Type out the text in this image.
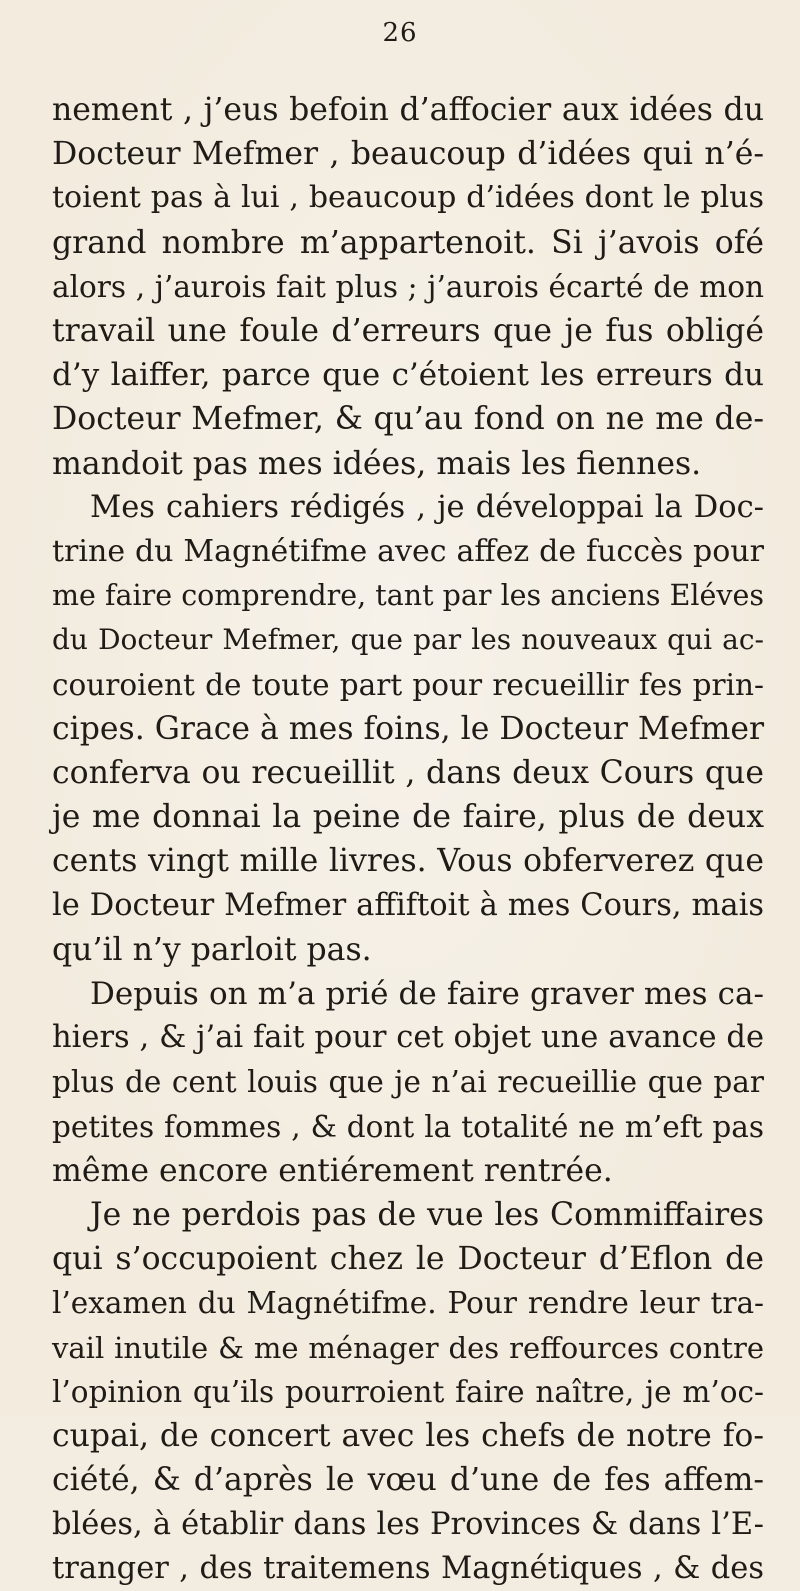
26
nement , j’eus befoin d’affocier aux idées du
Docteur Mefmer , beaucoup d’idées qui n’é-
toient pas à lui , beaucoup d’idées dont le plus
grand nombre m’appartenoit. Si j’avois ofé
alors , j’aurois fait plus ; j’aurois écarté de mon
travail une foule d’erreurs que je fus obligé
d’y laiffer, parce que c’étoient les erreurs du
Docteur Mefmer, & qu’au fond on ne me de-
mandoit pas mes idées, mais les fiennes.
Mes cahiers rédigés , je développai la Doc-
trine du Magnétifme avec affez de fuccès pour
me faire comprendre, tant par les anciens Eléves
du Docteur Mefmer, que par les nouveaux qui ac-
couroient de toute part pour recueillir fes prin-
cipes. Grace à mes foins, le Docteur Mefmer
conferva ou recueillit , dans deux Cours que
je me donnai la peine de faire, plus de deux
cents vingt mille livres. Vous obferverez que
le Docteur Mefmer affiftoit à mes Cours, mais
qu’il n’y parloit pas.
Depuis on m’a prié de faire graver mes ca-
hiers , & j’ai fait pour cet objet une avance de
plus de cent louis que je n’ai recueillie que par
petites fommes , & dont la totalité ne m’eft pas
même encore entiérement rentrée.
Je ne perdois pas de vue les Commiffaires
qui s’occupoient chez le Docteur d’Eflon de
l’examen du Magnétifme. Pour rendre leur tra-
vail inutile & me ménager des reffources contre
l’opinion qu’ils pourroient faire naître, je m’oc-
cupai, de concert avec les chefs de notre fo-
ciété, & d’après le vœu d’une de fes affem-
blées, à établir dans les Provinces & dans l’E-
tranger , des traitemens Magnétiques , & des
